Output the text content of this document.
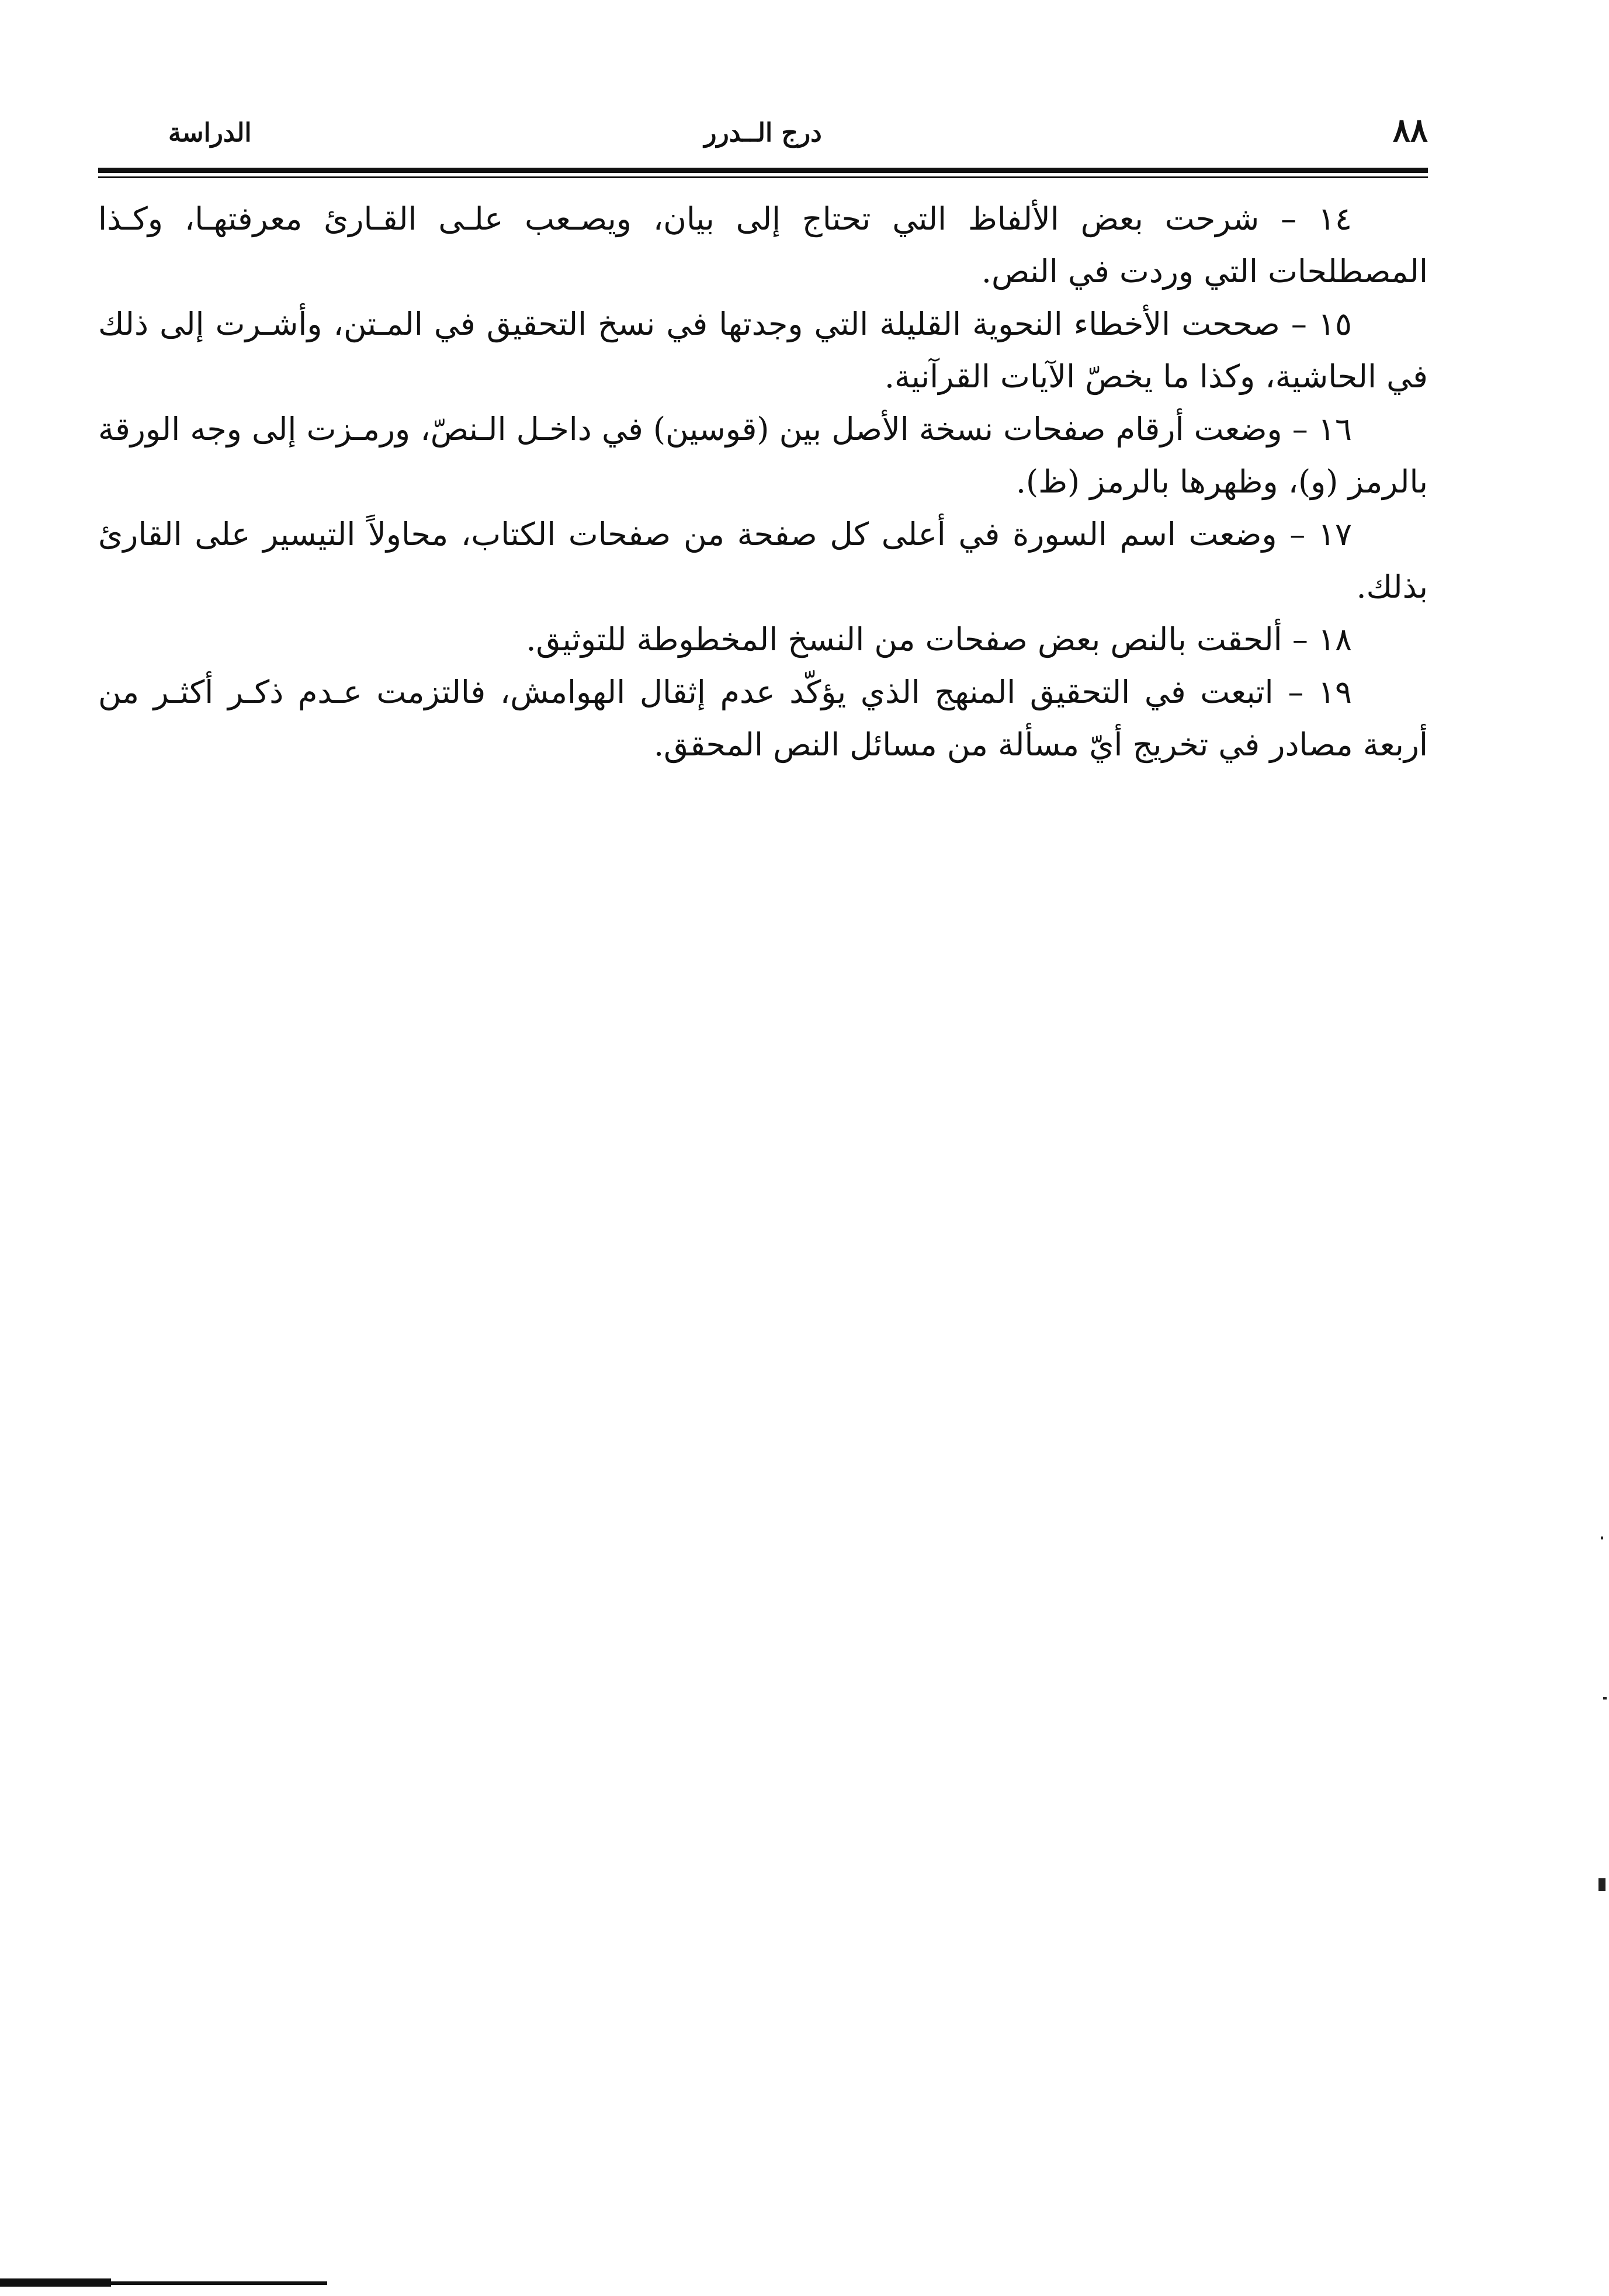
٨٨
درج الــدرر
الدراسة

١٤ – شرحت بعض الألفاظ التي تحتاج إلى بيان، ويصـعب علـى القـارئ معرفتهـا، وكـذا المصطلحات التي وردت في النص.

١٥ – صححت الأخطاء النحوية القليلة التي وجدتها في نسخ التحقيق في المـتن، وأشـرت إلى ذلك في الحاشية، وكذا ما يخصّ الآيات القرآنية.

١٦ – وضعت أرقام صفحات نسخة الأصل بين (قوسين) في داخـل الـنصّ، ورمـزت إلى وجه الورقة بالرمز (و)، وظهرها بالرمز (ظ).

١٧ – وضعت اسم السورة في أعلى كل صفحة من صفحات الكتاب، محاولاً التيسير على القارئ بذلك.

١٨ – ألحقت بالنص بعض صفحات من النسخ المخطوطة للتوثيق.

١٩ – اتبعت في التحقيق المنهج الذي يؤكّد عدم إثقال الهوامش، فالتزمت عـدم ذكـر أكثـر من أربعة مصادر في تخريج أيّ مسألة من مسائل النص المحقق.
